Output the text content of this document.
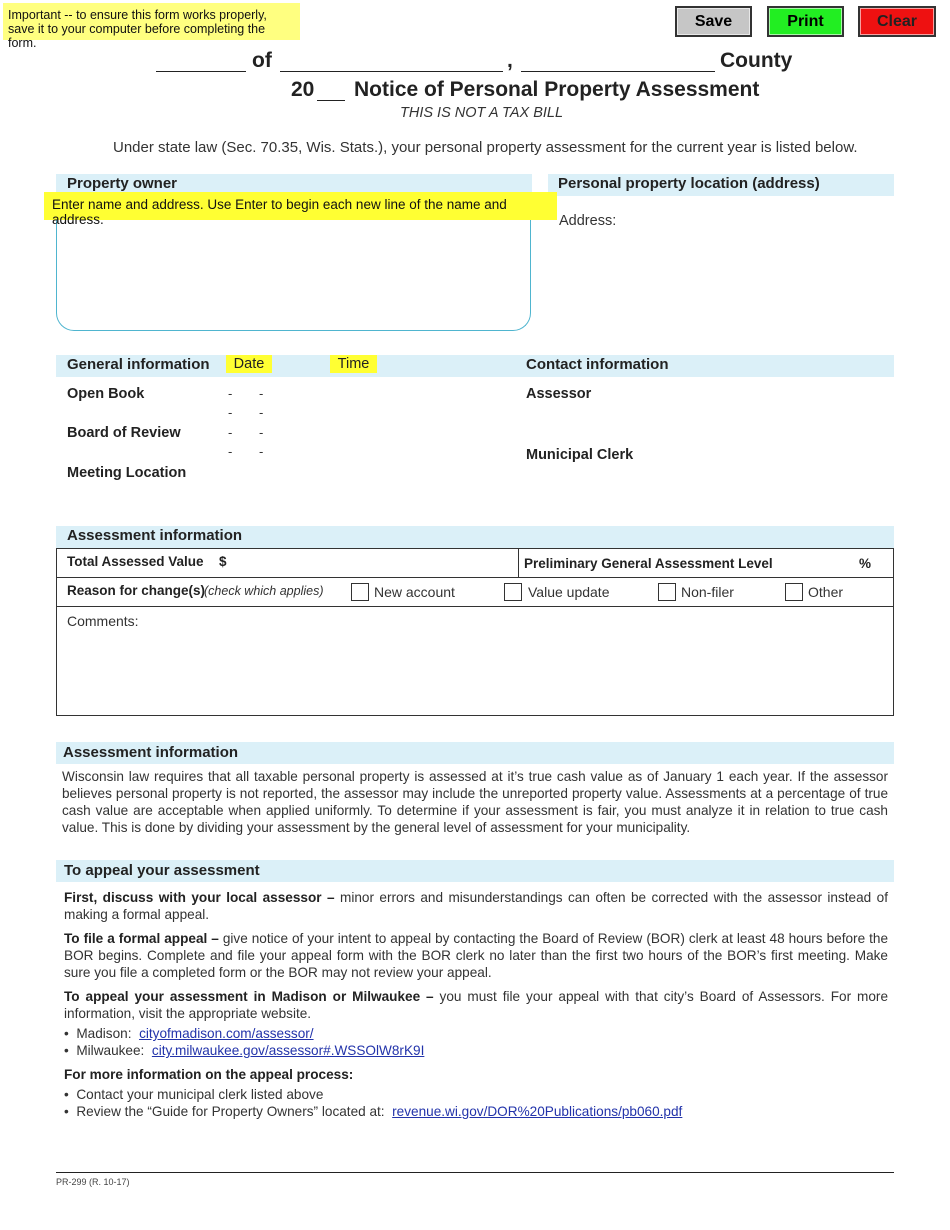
Important -- to ensure this form works properly,
save it to your computer before completing the form.
Save	Print	Clear
of	,	County
20 Notice of Personal Property Assessment
THIS IS NOT A TAX BILL
Under state law (Sec. 70.35, Wis. Stats.), your personal property assessment for the current year is listed below.
Property owner	Personal property location (address)
Enter name and address. Use Enter to begin each new line of the name and address.	Address:
General information	Date	Time	Contact information
Open Book	- -
- -
Board of Review	- -
- -
Meeting Location
Assessor
Municipal Clerk
Assessment information
Total Assessed Value $	Preliminary General Assessment Level	%
Reason for change(s)
(check which applies)	New account	Value update	Non-filer	Other
Comments:
Assessment information
Wisconsin law requires that all taxable personal property is assessed at it’s true cash value as of January 1 each year. If the assessor believes personal property is not reported, the assessor may include the unreported property value. Assessments at a percentage of true cash value are acceptable when applied uniformly. To determine if your assessment is fair, you must analyze it in relation to true cash value. This is done by dividing your assessment by the general level of assessment for your municipality.
To appeal your assessment
First, discuss with your local assessor – minor errors and misunderstandings can often be corrected with the assessor instead of making a formal appeal.
To file a formal appeal – give notice of your intent to appeal by contacting the Board of Review (BOR) clerk at least 48 hours before the BOR begins. Complete and file your appeal form with the BOR clerk no later than the first two hours of the BOR’s first meeting. Make sure you file a completed form or the BOR may not review your appeal.
To appeal your assessment in Madison or Milwaukee – you must file your appeal with that city’s Board of Assessors. For more information, visit the appropriate website.
•  Madison: cityofmadison.com/assessor/
•  Milwaukee: city.milwaukee.gov/assessor#.WSSOlW8rK9I
For more information on the appeal process:
•  Contact your municipal clerk listed above
•  Review the “Guide for Property Owners” located at: revenue.wi.gov/DOR%20Publications/pb060.pdf
PR-299 (R. 10-17)
